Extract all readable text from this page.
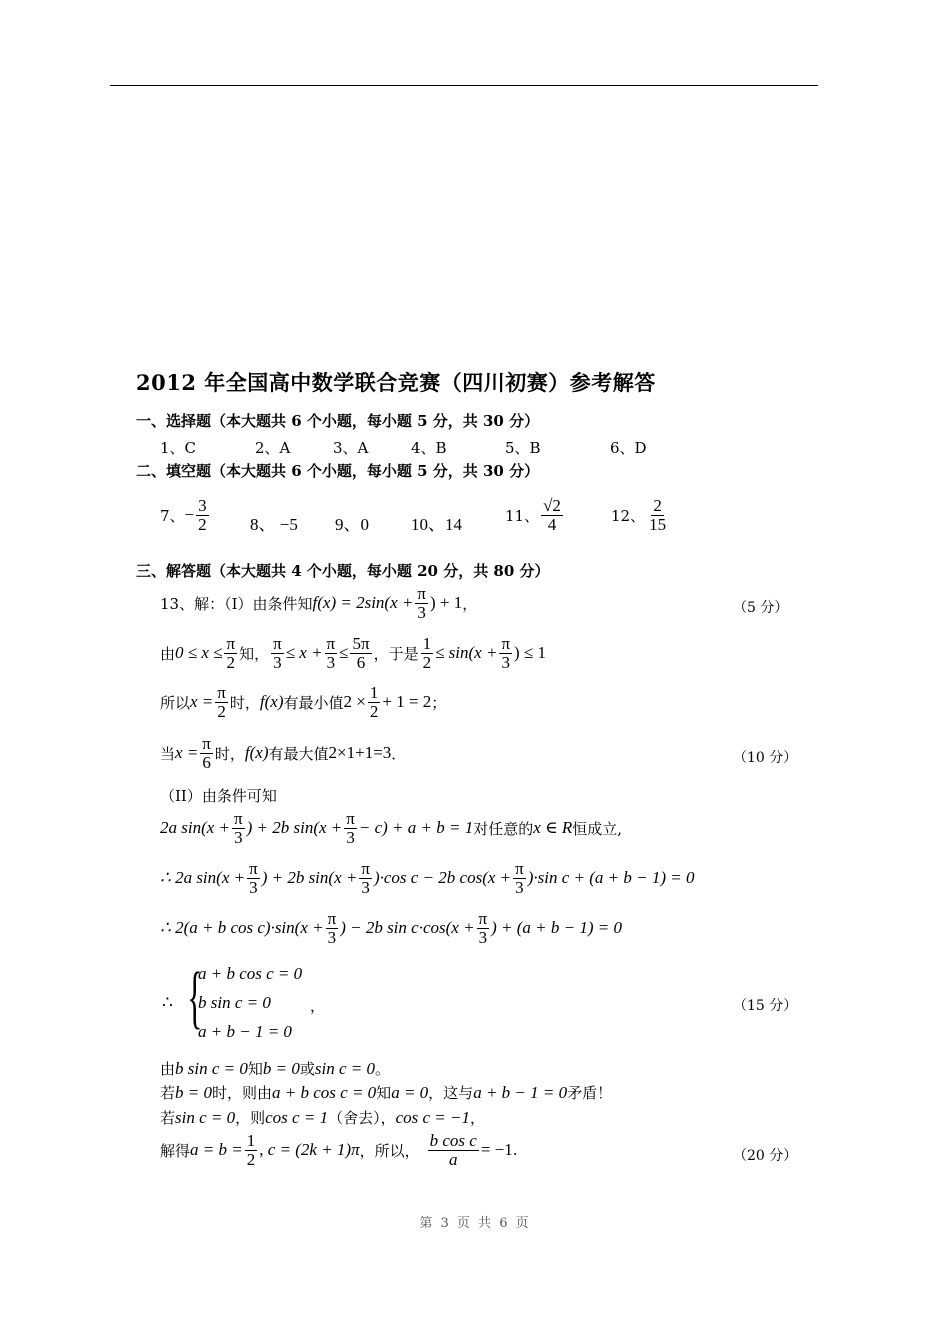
2012 年全国高中数学联合竞赛（四川初赛）参考解答
一、选择题（本大题共 6 个小题，每小题 5 分，共 30 分）
1、C	2、A	3、A	4、B	5、B	6、D
二、填空题（本大题共 6 个小题，每小题 5 分，共 30 分）
7、 − $\frac{3}{2} 8$、 −5 9、0 10、14	11、 $\frac{√2}{4}$	12、 $\frac{2}{15}$
三、解答题（本大题共 4 个小题，每小题 20 分，共 80 分）
13、解：（I）由条件知 $f(x) = 2\sin(x + \frac{\pi}{3}$ ) + 1 ，	（5 分）
由 $0 \le x \le \frac{\pi}{2}$ 知， $\frac{\pi}{3} \le x + \frac{\pi}{3} \le \frac{5\pi}{6}$ ，于是 $\frac{1}{2} \le \sin(x + \frac{\pi}{3}$ ) ≤ 1
所以 $x = \frac{\pi}{2}$ 时， f(x) 有最小值 $2 \times \frac{1}{2} + 1 = 2$ ；
当 $x = \frac{\pi}{6}$ 时， f(x) 有最大值 2×1+1=3 ．	（10 分）
（II）由条件可知
2a $\sin(x + \frac{\pi}{3}$ ) + 2b $\sin(x + \frac{\pi}{3} - c) + a + b = 1$ 对任意的 x ∈ R 恒成立,
∴ 2a $\sin(x + \frac{\pi}{3}$ ) + 2b $\sin(x + \frac{\pi}{3} )\cdot\cos$ c − 2b $\cos(x + \frac{\pi}{3} )\cdot\sin$ c + (a + b − 1) = 0
∴ 2(a + b $\cos c)\cdot\sin(x + \frac{\pi}{3}$ ) − 2b $\sin c\cdot\cos(x + \frac{\pi}{3}$ ) + (a + b − 1) = 0
∴ {
a + b cos c = 0
b sin c = 0
a + b − 1 = 0
，	（15 分）
由 b sin c = 0 知 b = 0 或 sin c = 0 。
若 b = 0 时，则由 a + b cos c = 0 知 a = 0 ，这与 a + b − 1 = 0 矛盾！
若 sin c = 0 ，则 cos c = 1 （舍去）， cos c = −1 ，
解得 $a = b = \frac{1}{2}$ , c = (2k + 1)π ，所以， $\frac{\text{b cos c}}{a} = -1$ .	（20 分）
第 3 页 共 6 页
